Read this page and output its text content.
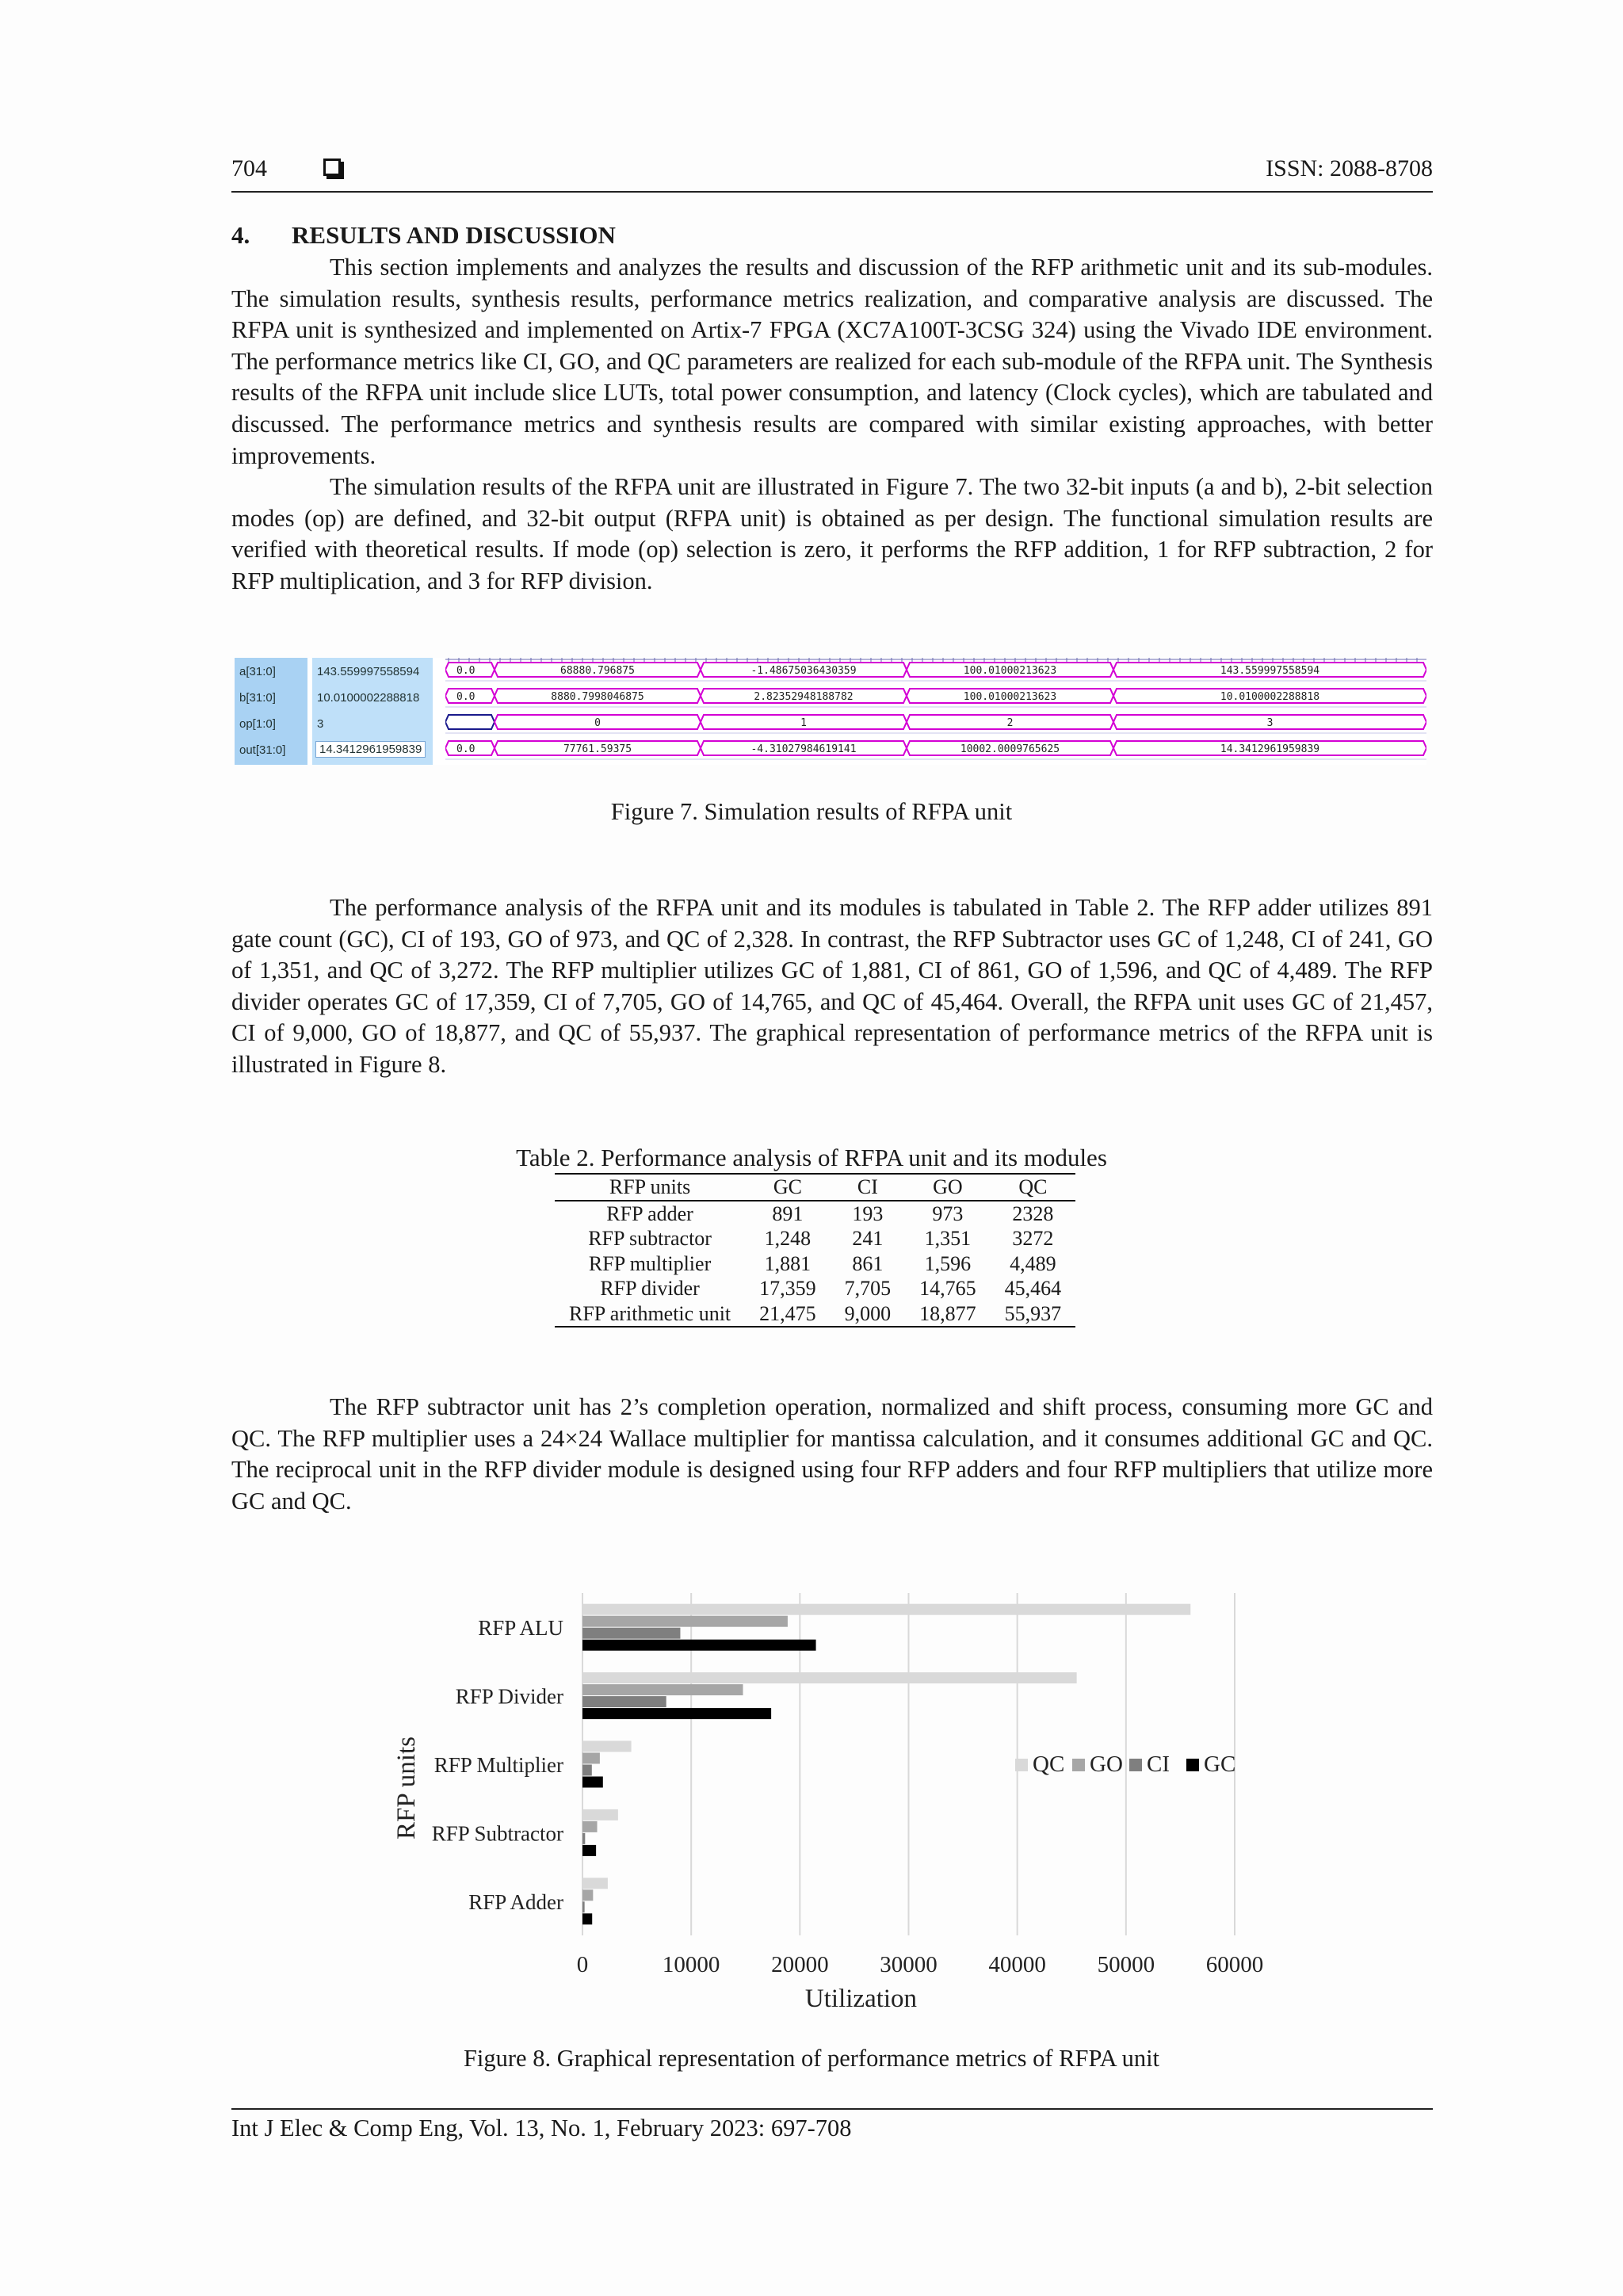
704	ISSN: 2088-8708
4. RESULTS AND DISCUSSION

This section implements and analyzes the results and discussion of the RFP arithmetic unit and its sub-modules. The simulation results, synthesis results, performance metrics realization, and comparative analysis are discussed. The RFPA unit is synthesized and implemented on Artix-7 FPGA (XC7A100T-3CSG 324) using the Vivado IDE environment. The performance metrics like CI, GO, and QC parameters are realized for each sub-module of the RFPA unit. The Synthesis results of the RFPA unit include slice LUTs, total power consumption, and latency (Clock cycles), which are tabulated and discussed. The performance metrics and synthesis results are compared with similar existing approaches, with better improvements.

The simulation results of the RFPA unit are illustrated in Figure 7. The two 32-bit inputs (a and b), 2-bit selection modes (op) are defined, and 32-bit output (RFPA unit) is obtained as per design. The functional simulation results are verified with theoretical results. If mode (op) selection is zero, it performs the RFP addition, 1 for RFP subtraction, 2 for RFP multiplication, and 3 for RFP division.

a[31:0]
b[31:0]
op[1:0]
out[31:0]
143.559997558594
10.0100002288818
3
14.3412961959839
0.0	68880.796875	-1.48675036430359	100.01000213623	143.559997558594
0.0	8880.7998046875	2.82352948188782	100.01000213623	10.0100002288818
0	1	2	3
0.0	77761.59375	-4.31027984619141	10002.0009765625	14.3412961959839
Figure 7. Simulation results of RFPA unit

The performance analysis of the RFPA unit and its modules is tabulated in Table 2. The RFP adder utilizes 891 gate count (GC), CI of 193, GO of 973, and QC of 2,328. In contrast, the RFP Subtractor uses GC of 1,248, CI of 241, GO of 1,351, and QC of 3,272. The RFP multiplier utilizes GC of 1,881, CI of 861, GO of 1,596, and QC of 4,489. The RFP divider operates GC of 17,359, CI of 7,705, GO of 14,765, and QC of 45,464. Overall, the RFPA unit uses GC of 21,457, CI of 9,000, GO of 18,877, and QC of 55,937. The graphical representation of performance metrics of the RFPA unit is illustrated in Figure 8.

Table 2. Performance analysis of RFPA unit and its modules
RFP units	GC	CI	GO	QC
RFP adder	891	193	973	2328
RFP subtractor	1,248	241	1,351	3272
RFP multiplier	1,881	861	1,596	4,489
RFP divider	17,359	7,705	14,765	45,464
RFP arithmetic unit	21,475	9,000	18,877	55,937

The RFP subtractor unit has 2’s completion operation, normalized and shift process, consuming more GC and QC. The RFP multiplier uses a 24×24 Wallace multiplier for mantissa calculation, and it consumes additional GC and QC. The reciprocal unit in the RFP divider module is designed using four RFP adders and four RFP multipliers that utilize more GC and QC.

0	10000 20000 30000 40000 50000 60000
RFP Adder
RFP Subtractor
RFP Multiplier
RFP Divider
RFP ALU
Utilization
RFP units	QC GO CI GC
Figure 8. Graphical representation of performance metrics of RFPA unit
Int J Elec & Comp Eng, Vol. 13, No. 1, February 2023: 697-708
